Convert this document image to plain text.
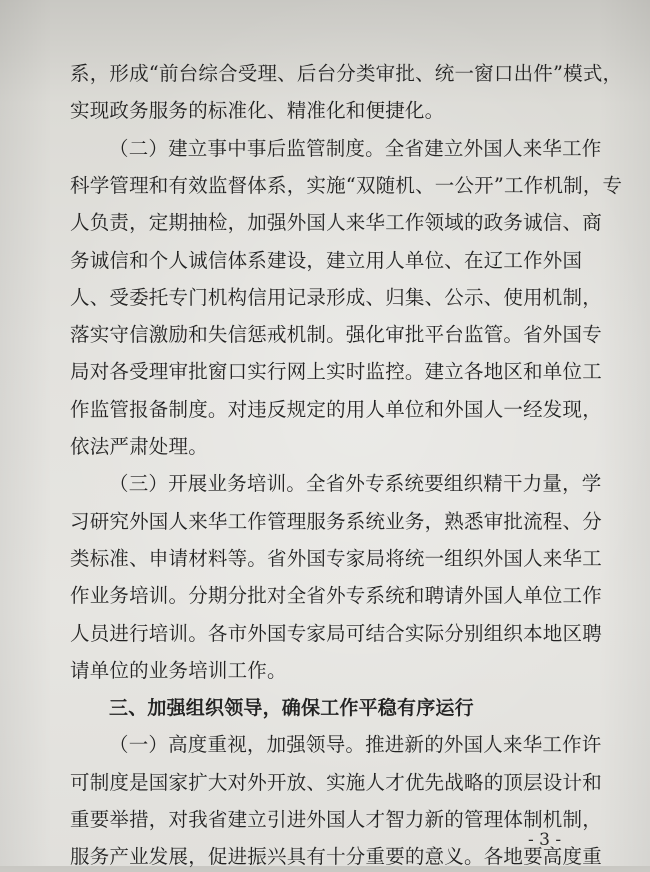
系，形成“前台综合受理、后台分类审批、统一窗口出件”模式，
实现政务服务的标准化、精准化和便捷化。
（二）建立事中事后监管制度。全省建立外国人来华工作
科学管理和有效监督体系，实施“双随机、一公开”工作机制，专
人负责，定期抽检，加强外国人来华工作领域的政务诚信、商
务诚信和个人诚信体系建设，建立用人单位、在辽工作外国
人、受委托专门机构信用记录形成、归集、公示、使用机制，
落实守信激励和失信惩戒机制。强化审批平台监管。省外国专
局对各受理审批窗口实行网上实时监控。建立各地区和单位工
作监管报备制度。对违反规定的用人单位和外国人一经发现，
依法严肃处理。
（三）开展业务培训。全省外专系统要组织精干力量，学
习研究外国人来华工作管理服务系统业务，熟悉审批流程、分
类标准、申请材料等。省外国专家局将统一组织外国人来华工
作业务培训。分期分批对全省外专系统和聘请外国人单位工作
人员进行培训。各市外国专家局可结合实际分别组织本地区聘
请单位的业务培训工作。
三、加强组织领导，确保工作平稳有序运行
（一）高度重视，加强领导。推进新的外国人来华工作许
可制度是国家扩大对外开放、实施人才优先战略的顶层设计和
重要举措，对我省建立引进外国人才智力新的管理体制机制，
服务产业发展，促进振兴具有十分重要的意义。各地要高度重
- 3 -
